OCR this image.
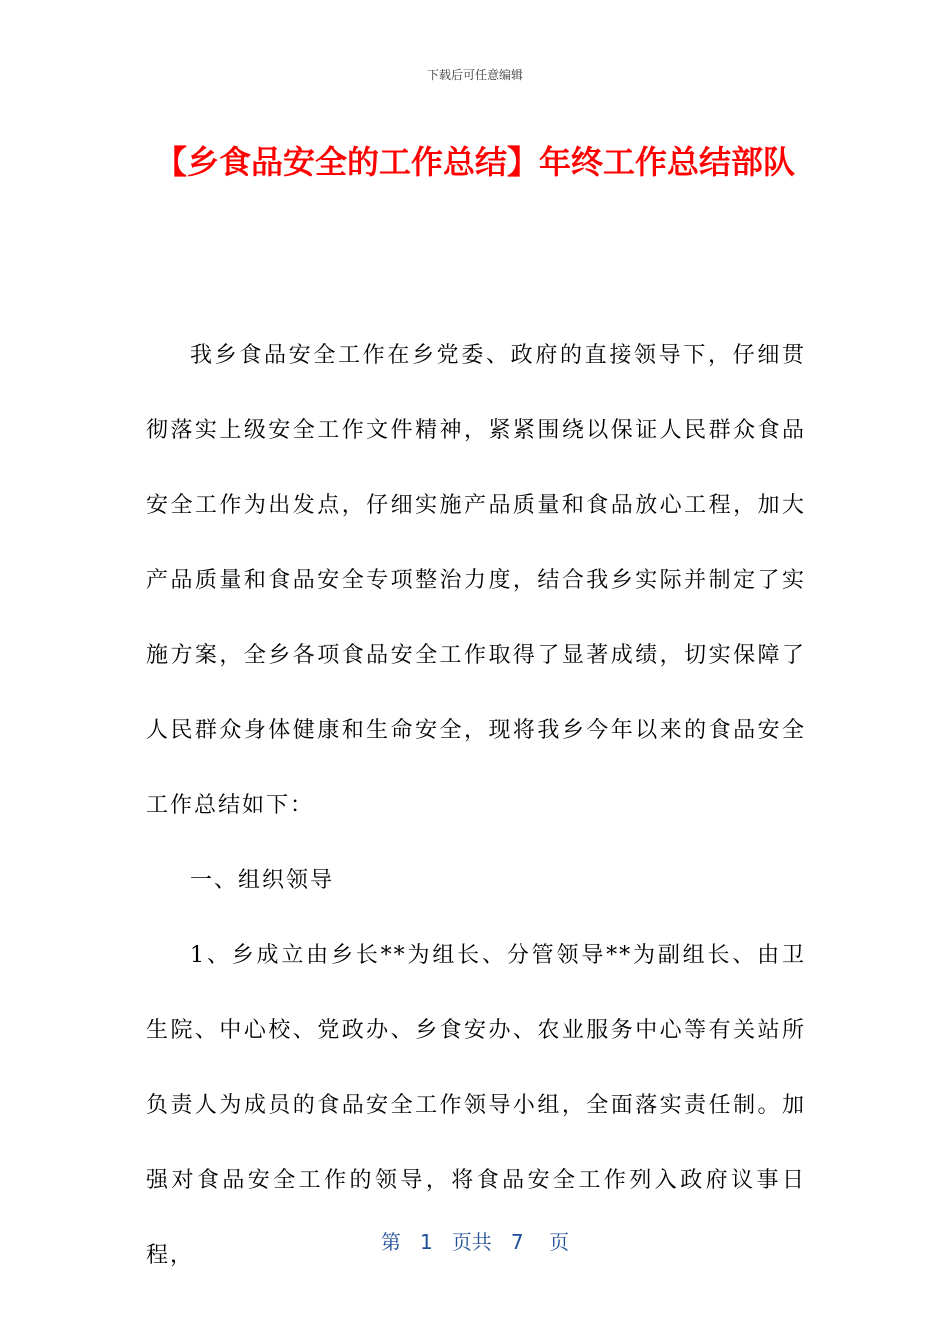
下载后可任意编辑
【乡食品安全的工作总结】年终工作总结部队

我乡食品安全工作在乡党委、政府的直接领导下，仔细贯彻落实上级安全工作文件精神，紧紧围绕以保证人民群众食品安全工作为出发点，仔细实施产品质量和食品放心工程，加大产品质量和食品安全专项整治力度，结合我乡实际并制定了实施方案，全乡各项食品安全工作取得了显著成绩，切实保障了人民群众身体健康和生命安全，现将我乡今年以来的食品安全工作总结如下：

一、组织领导

1、乡成立由乡长**为组长、分管领导**为副组长、由卫生院、中心校、党政办、乡食安办、农业服务中心等有关站所负责人为成员的食品安全工作领导小组，全面落实责任制。加强对食品安全工作的领导，将食品安全工作列入政府议事日程，

第 1 页共 7 页
